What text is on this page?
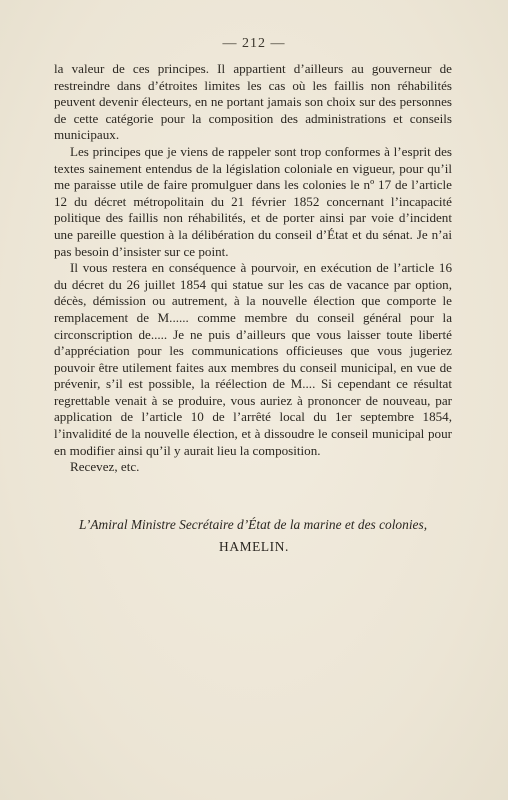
— 212 —

la valeur de ces principes. Il appartient d’ailleurs au gouverneur de restreindre dans d’étroites limites les cas où les faillis non réhabilités peuvent devenir électeurs, en ne portant jamais son choix sur des personnes de cette catégorie pour la composition des administrations et conseils municipaux.

Les principes que je viens de rappeler sont trop conformes à l’esprit des textes sainement entendus de la législation coloniale en vigueur, pour qu’il me paraisse utile de faire promulguer dans les colonies le nº 17 de l’article 12 du décret métropolitain du 21 février 1852 concernant l’incapacité politique des faillis non réhabilités, et de porter ainsi par voie d’incident une pareille question à la délibération du conseil d’État et du sénat. Je n’ai pas besoin d’insister sur ce point.

Il vous restera en conséquence à pourvoir, en exécution de l’article 16 du décret du 26 juillet 1854 qui statue sur les cas de vacance par option, décès, démission ou autrement, à la nouvelle élection que comporte le remplacement de M...... comme membre du conseil général pour la circonscription de..... Je ne puis d’ailleurs que vous laisser toute liberté d’appréciation pour les communications officieuses que vous jugeriez pouvoir être utilement faites aux membres du conseil municipal, en vue de prévenir, s’il est possible, la réélection de M.... Si cependant ce résultat regrettable venait à se produire, vous auriez à prononcer de nouveau, par application de l’article 10 de l’arrêté local du 1er septembre 1854, l’invalidité de la nouvelle élection, et à dissoudre le conseil municipal pour en modifier ainsi qu’il y aurait lieu la composition.

Recevez, etc.

L’Amiral Ministre Secrétaire d’État de la marine et des colonies,
HAMELIN.
